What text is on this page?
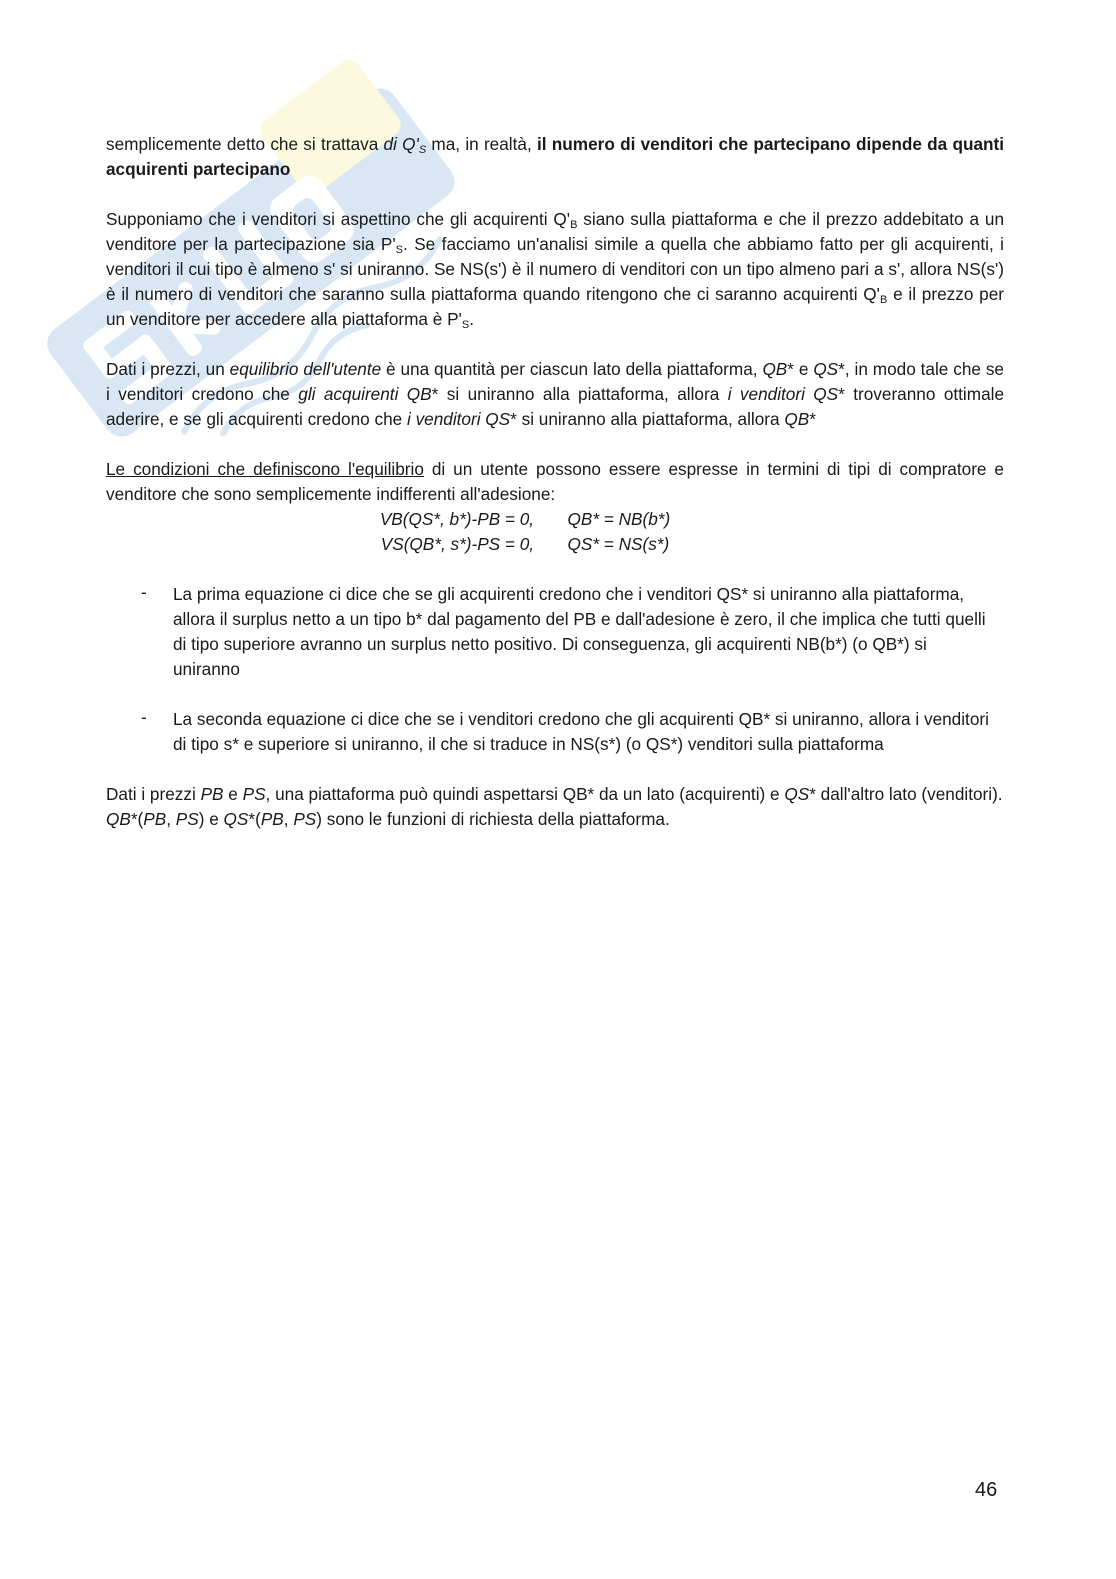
semplicemente detto che si trattava di $Q'_S$ ma, in realtà, il numero di venditori che partecipano dipende da quanti acquirenti partecipano

Supponiamo che i venditori si aspettino che gli acquirenti $Q'_B$ siano sulla piattaforma e che il prezzo addebitato a un venditore per la partecipazione sia $P'_S$. Se facciamo un'analisi simile a quella che abbiamo fatto per gli acquirenti, i venditori il cui tipo è almeno s' si uniranno. Se NS(s') è il numero di venditori con un tipo almeno pari a s', allora NS(s') è il numero di venditori che saranno sulla piattaforma quando ritengono che ci saranno acquirenti $Q'_B$ e il prezzo per un venditore per accedere alla piattaforma è $P'_S$.

Dati i prezzi, un equilibrio dell'utente è una quantità per ciascun lato della piattaforma, QB* e QS*, in modo tale che se i venditori credono che gli acquirenti QB* si uniranno alla piattaforma, allora i venditori QS* troveranno ottimale aderire, e se gli acquirenti credono che i venditori QS* si uniranno alla piattaforma, allora QB*

Le condizioni che definiscono l'equilibrio di un utente possono essere espresse in termini di tipi di compratore e venditore che sono semplicemente indifferenti all'adesione:

VB(QS*, b*)-PB = 0,       QB* = NB(b*)
VS(QB*, s*)-PS = 0,       QS* = NS(s*)
- La prima equazione ci dice che se gli acquirenti credono che i venditori QS* si uniranno alla piattaforma, allora il surplus netto a un tipo b* dal pagamento del PB e dall'adesione è zero, il che implica che tutti quelli di tipo superiore avranno un surplus netto positivo. Di conseguenza, gli acquirenti NB(b*) (o QB*) si uniranno
- La seconda equazione ci dice che se i venditori credono che gli acquirenti QB* si uniranno, allora i venditori di tipo s* e superiore si uniranno, il che si traduce in NS(s*) (o QS*) venditori sulla piattaforma

Dati i prezzi PB e PS, una piattaforma può quindi aspettarsi QB* da un lato (acquirenti) e QS* dall'altro lato (venditori). QB*(PB, PS) e QS*(PB, PS) sono le funzioni di richiesta della piattaforma.

46
